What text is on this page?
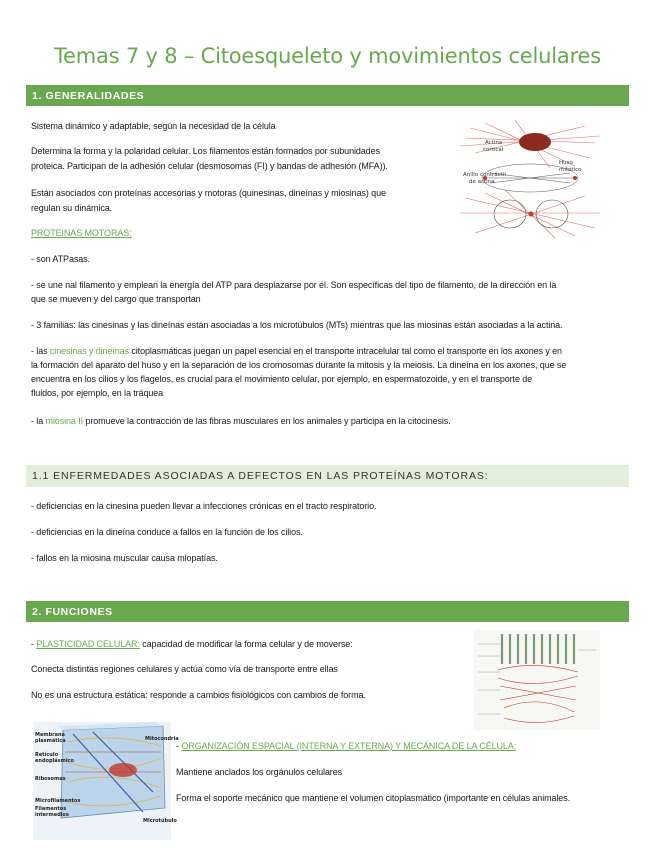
Temas 7 y 8 – Citoesqueleto y movimientos celulares
1. GENERALIDADES
Sistema dinámico y adaptable, según la necesidad de la célula
Determina la forma y la polaridad celular. Los filamentos están formados por subunidades
proteica. Participan de la adhesión celular (desmosomas (FI) y bandas de adhesión (MFA)).
Están asociados con proteínas accesorias y motoras (quinesinas, dineínas y miosinas) que
regulan su dinámica.
PROTEINAS MOTORAS:
- son ATPasas.
- se une nal filamento y emplean la energía del ATP para desplazarse por él. Son específicas del tipo de filamento, de la dirección en la
que se mueven y del cargo que transportan
- 3 familias: las cinesinas y las dineínas están asociadas a los microtúbulos (MTs) mientras que las miosinas están asociadas a la actina.
- las cinesinas y dineínas citoplasmáticas juegan un papel esencial en el transporte intracelular tal como el transporte en los axones y en
la formación del aparato del huso y en la separación de los cromosomas durante la mitosis y la meiosis. La dineína en los axones, que se
encuentra en los cilios y los flagelos, es crucial para el movimiento celular, por ejemplo, en espermatozoide, y en el transporte de
fluidos, por ejemplo, en la tráquea
- la miosina II promueve la contracción de las fibras musculares en los animales y participa en la citocinesis.
Actina
cortical
Huso
mitótico
Anillo contráctil
de actina
1.1 ENFERMEDADES ASOCIADAS A DEFECTOS EN LAS PROTEÍNAS MOTORAS:
- deficiencias en la cinesina pueden llevar a infecciones crónicas en el tracto respiratorio.
- deficiencias en la dineína conduce a fallos en la función de los cilios.
- fallos en la miosina muscular causa miopatías.
2. FUNCIONES
- PLASTICIDAD CELULAR: capacidad de modificar la forma celular y de moverse:
Conecta distintas regiones celulares y actúa como vía de transporte entre ellas
No es una estructura estática: responde a cambios fisiológicos con cambios de forma.
Membrana
plasmática
Retículo
endoplásmico
Ribosomas
Microfilamentos
Filamentos
intermedios
Mitocondria
Microtúbulo
- ORGANIZACIÓN ESPACIAL (INTERNA Y EXTERNA) Y MECÁNICA DE LA CÉLULA:
Mantiene anclados los orgánulos celulares
Forma el soporte mecánico que mantiene el volumen citoplasmático (importante en células animales.
